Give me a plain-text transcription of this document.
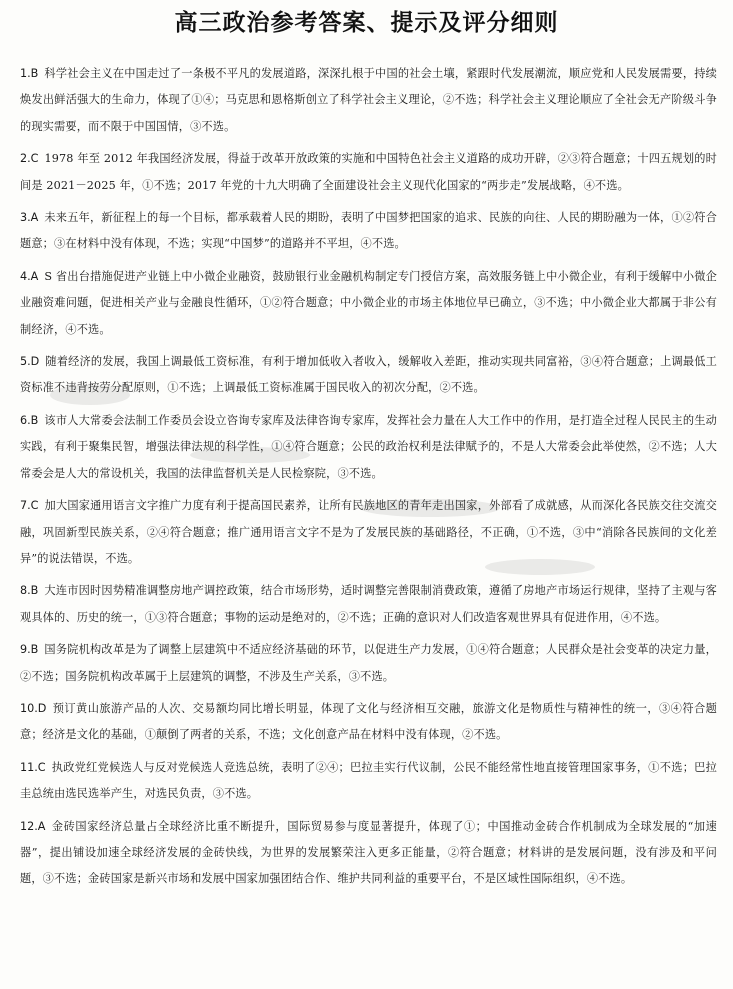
高三政治参考答案、提示及评分细则

1.B 科学社会主义在中国走过了一条极不平凡的发展道路，深深扎根于中国的社会土壤，紧跟时代发展潮流，顺应党和人民发展需要，持续焕发出鲜活强大的生命力，体现了①④；马克思和恩格斯创立了科学社会主义理论，②不选；科学社会主义理论顺应了全社会无产阶级斗争的现实需要，而不限于中国国情，③不选。

2.C 1978 年至 2012 年我国经济发展，得益于改革开放政策的实施和中国特色社会主义道路的成功开辟，②③符合题意；十四五规划的时间是 2021－2025 年，①不选；2017 年党的十九大明确了全面建设社会主义现代化国家的“两步走”发展战略，④不选。

3.A 未来五年，新征程上的每一个目标，都承载着人民的期盼，表明了中国梦把国家的追求、民族的向往、人民的期盼融为一体，①②符合题意；③在材料中没有体现，不选；实现“中国梦”的道路并不平坦，④不选。

4.A S 省出台措施促进产业链上中小微企业融资，鼓励银行业金融机构制定专门授信方案，高效服务链上中小微企业，有利于缓解中小微企业融资难问题，促进相关产业与金融良性循环，①②符合题意；中小微企业的市场主体地位早已确立，③不选；中小微企业大都属于非公有制经济，④不选。

5.D 随着经济的发展，我国上调最低工资标准，有利于增加低收入者收入，缓解收入差距，推动实现共同富裕，③④符合题意；上调最低工资标准不违背按劳分配原则，①不选；上调最低工资标准属于国民收入的初次分配，②不选。

6.B 该市人大常委会法制工作委员会设立咨询专家库及法律咨询专家库，发挥社会力量在人大工作中的作用，是打造全过程人民民主的生动实践，有利于聚集民智，增强法律法规的科学性，①④符合题意；公民的政治权利是法律赋予的，不是人大常委会此举使然，②不选；人大常委会是人大的常设机关，我国的法律监督机关是人民检察院，③不选。

7.C 加大国家通用语言文字推广力度有利于提高国民素养，让所有民族地区的青年走出国家，外部看了成就感，从而深化各民族交往交流交融，巩固新型民族关系，②④符合题意；推广通用语言文字不是为了发展民族的基础路径，不正确，①不选，③中“消除各民族间的文化差异”的说法错误，不选。

8.B 大连市因时因势精准调整房地产调控政策，结合市场形势，适时调整完善限制消费政策，遵循了房地产市场运行规律，坚持了主观与客观具体的、历史的统一，①③符合题意；事物的运动是绝对的，②不选；正确的意识对人们改造客观世界具有促进作用，④不选。

9.B 国务院机构改革是为了调整上层建筑中不适应经济基础的环节，以促进生产力发展，①④符合题意；人民群众是社会变革的决定力量，②不选；国务院机构改革属于上层建筑的调整，不涉及生产关系，③不选。

10.D 预订黄山旅游产品的人次、交易额均同比增长明显，体现了文化与经济相互交融，旅游文化是物质性与精神性的统一，③④符合题意；经济是文化的基础，①颠倒了两者的关系，不选；文化创意产品在材料中没有体现，②不选。

11.C 执政党红党候选人与反对党候选人竞选总统，表明了②④；巴拉圭实行代议制，公民不能经常性地直接管理国家事务，①不选；巴拉圭总统由选民选举产生，对选民负责，③不选。

12.A 金砖国家经济总量占全球经济比重不断提升，国际贸易参与度显著提升，体现了①；中国推动金砖合作机制成为全球发展的“加速器”，提出铺设加速全球经济发展的金砖快线，为世界的发展繁荣注入更多正能量，②符合题意；材料讲的是发展问题，没有涉及和平问题，③不选；金砖国家是新兴市场和发展中国家加强团结合作、维护共同利益的重要平台，不是区域性国际组织，④不选。
